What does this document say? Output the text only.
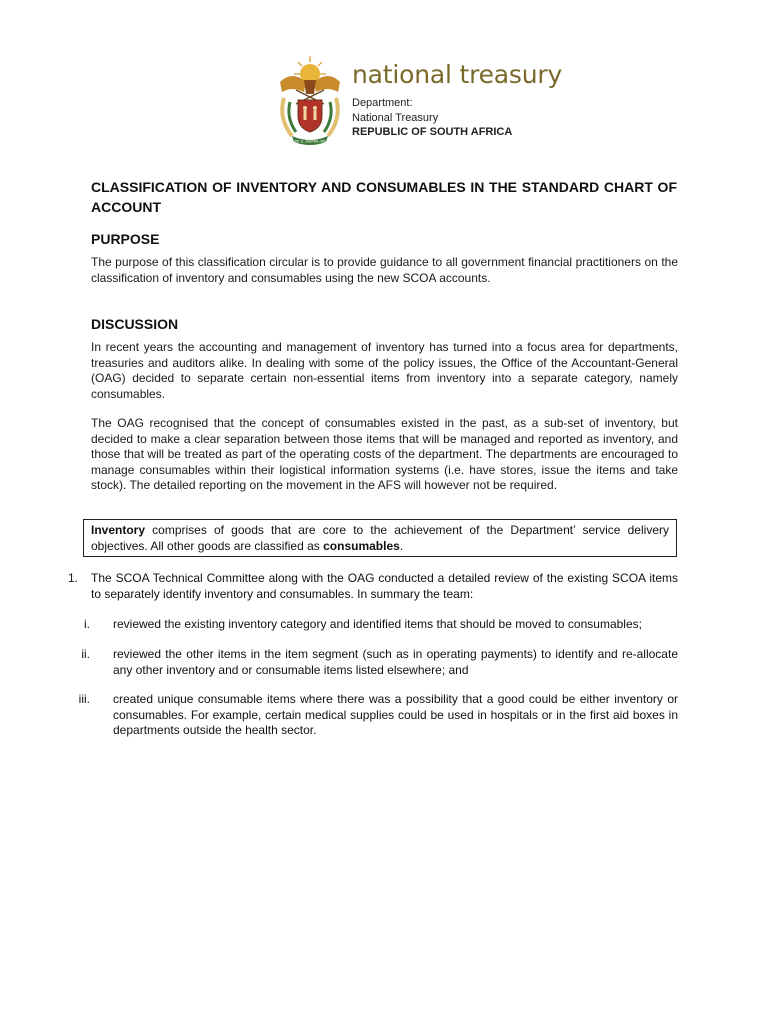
!KE E: /XARRA //KE
national treasury
Department:
National Treasury
REPUBLIC OF SOUTH AFRICA
CLASSIFICATION OF INVENTORY AND CONSUMABLES IN THE STANDARD CHART OF ACCOUNT
PURPOSE
The purpose of this classification circular is to provide guidance to all government financial practitioners on the classification of inventory and consumables using the new SCOA accounts.
DISCUSSION
In recent years the accounting and management of inventory has turned into a focus area for departments, treasuries and auditors alike. In dealing with some of the policy issues, the Office of the Accountant-General (OAG) decided to separate certain non-essential items from inventory into a separate category, namely consumables.
The OAG recognised that the concept of consumables existed in the past, as a sub-set of inventory, but decided to make a clear separation between those items that will be managed and reported as inventory, and those that will be treated as part of the operating costs of the department. The departments are encouraged to manage consumables within their logistical information systems (i.e. have stores, issue the items and take stock). The detailed reporting on the movement in the AFS will however not be required.
Inventory comprises of goods that are core to the achievement of the Department’ service delivery objectives. All other goods are classified as consumables.
1. The SCOA Technical Committee along with the OAG conducted a detailed review of the existing SCOA items to separately identify inventory and consumables. In summary the team:
i. reviewed the existing inventory category and identified items that should be moved to consumables;
ii. reviewed the other items in the item segment (such as in operating payments) to identify and re-allocate any other inventory and or consumable items listed elsewhere; and
iii. created unique consumable items where there was a possibility that a good could be either inventory or consumables. For example, certain medical supplies could be used in hospitals or in the first aid boxes in departments outside the health sector.
